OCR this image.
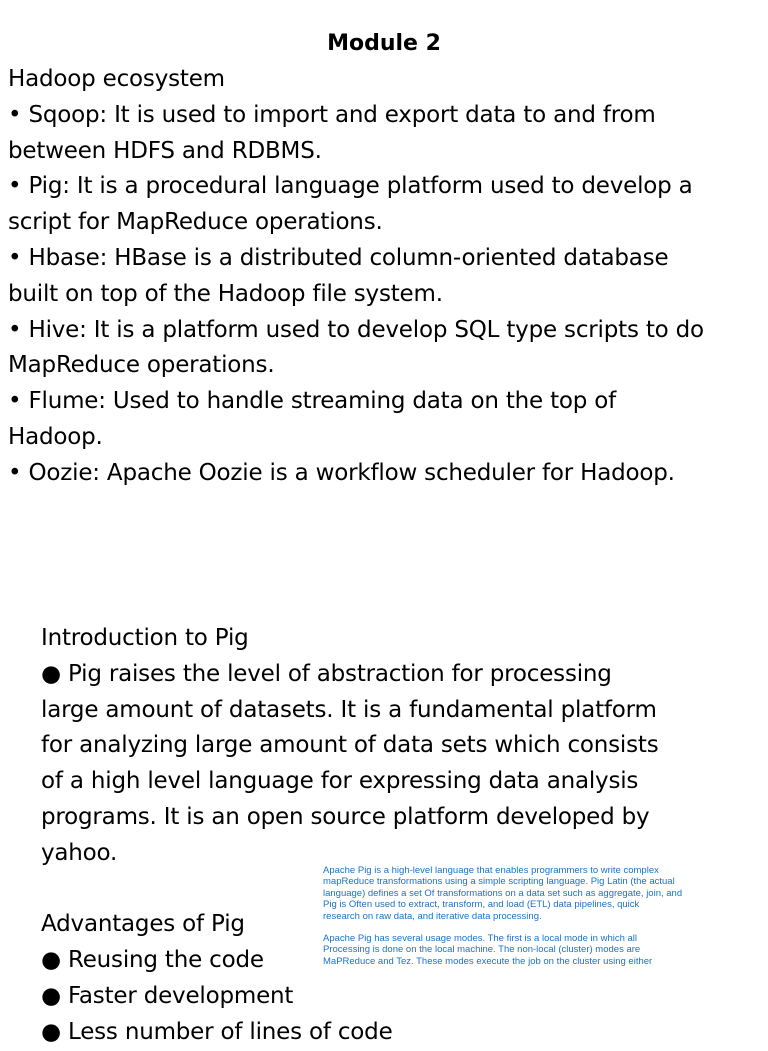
Module 2
Hadoop ecosystem
• Sqoop: It is used to import and export data to and from
between HDFS and RDBMS.
• Pig: It is a procedural language platform used to develop a
script for MapReduce operations.
• Hbase: HBase is a distributed column-oriented database
built on top of the Hadoop file system.
• Hive: It is a platform used to develop SQL type scripts to do
MapReduce operations.
• Flume: Used to handle streaming data on the top of
Hadoop.
• Oozie: Apache Oozie is a workflow scheduler for Hadoop.
Introduction to Pig
● Pig raises the level of abstraction for processing
large amount of datasets. It is a fundamental platform
for analyzing large amount of data sets which consists
of a high level language for expressing data analysis
programs. It is an open source platform developed by
yahoo.
Advantages of Pig
● Reusing the code
● Faster development
● Less number of lines of code
Apache Pig is a high-level language that enables programmers to write complex
mapReduce transformations using a simple scripting language. Pig Latin (the actual
language) defines a set Of transformations on a data set such as aggregate, join, and
Pig is Often used to extract, transform, and load (ETL) data pipelines, quick
research on raw data, and iterative data processing.
Apache Pig has several usage modes. The first is a local mode in which all
Processing is done on the local machine. The non-local (cluster) modes are
MaPReduce and Tez. These modes execute the job on the cluster using either
